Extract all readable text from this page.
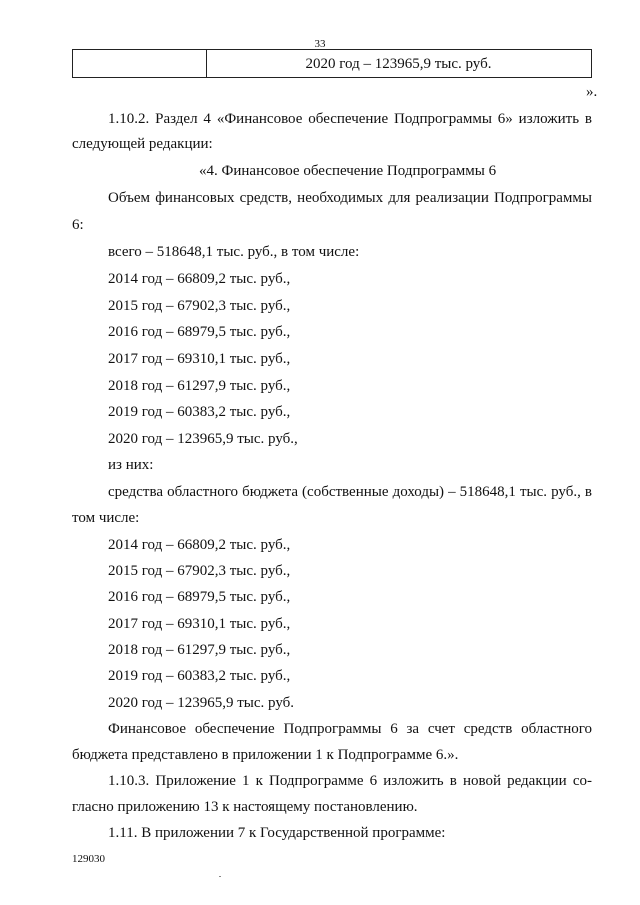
33
2020 год – 123965,9 тыс. руб.
».
1.10.2. Раздел 4 «Финансовое обеспечение Подпрограммы 6» изложить в
следующей редакции:
«4. Финансовое обеспечение Подпрограммы 6
Объем финансовых средств, необходимых для реализации Подпрограммы
6:
всего – 518648,1 тыс. руб., в том числе:
2014 год – 66809,2 тыс. руб.,
2015 год – 67902,3 тыс. руб.,
2016 год – 68979,5 тыс. руб.,
2017 год – 69310,1 тыс. руб.,
2018 год – 61297,9 тыс. руб.,
2019 год – 60383,2 тыс. руб.,
2020 год – 123965,9 тыс. руб.,
из них:
средства областного бюджета (собственные доходы) – 518648,1 тыс. руб., в
том числе:
2014 год – 66809,2 тыс. руб.,
2015 год – 67902,3 тыс. руб.,
2016 год – 68979,5 тыс. руб.,
2017 год – 69310,1 тыс. руб.,
2018 год – 61297,9 тыс. руб.,
2019 год – 60383,2 тыс. руб.,
2020 год – 123965,9 тыс. руб.
Финансовое обеспечение Подпрограммы 6 за счет средств областного
бюджета представлено в приложении 1 к Подпрограмме 6.».
1.10.3. Приложение 1 к Подпрограмме 6 изложить в новой редакции со-
гласно приложению 13 к настоящему постановлению.
1.11. В приложении 7 к Государственной программе:
129030
